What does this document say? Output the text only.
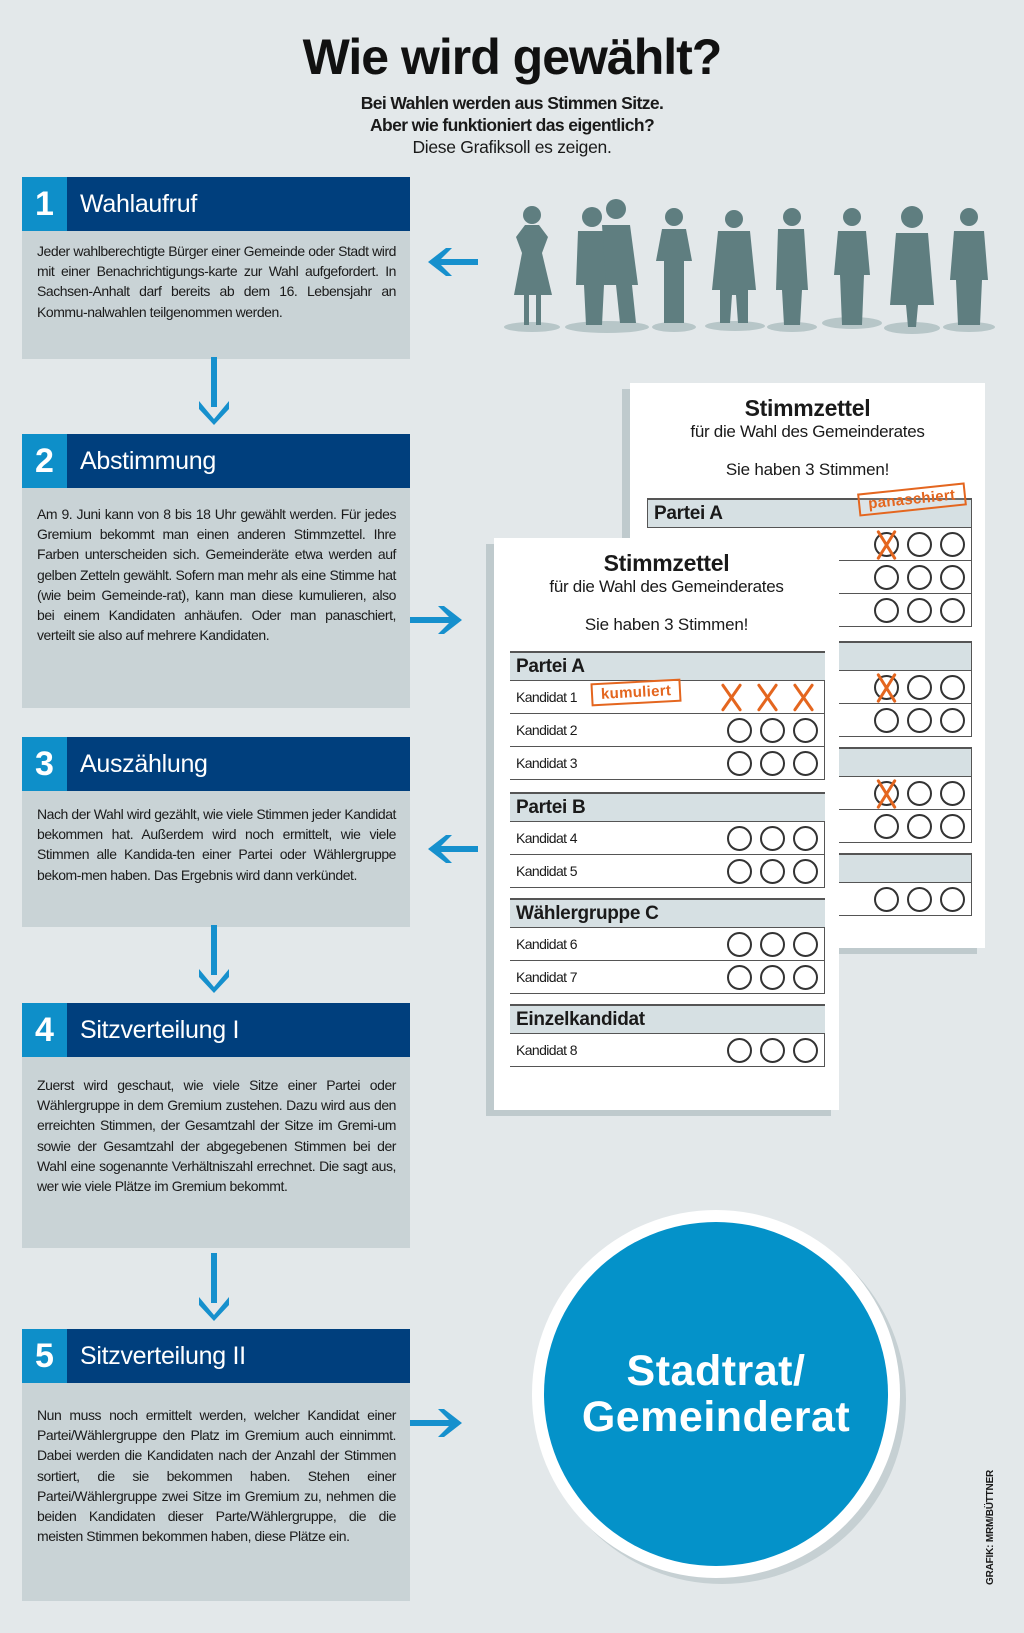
Wie wird gewählt?
Bei Wahlen werden aus Stimmen Sitze.
Aber wie funktioniert das eigentlich?
Diese Grafiksoll es zeigen.
1	Wahlaufruf
Jeder wahlberechtigte Bürger einer Gemeinde oder Stadt wird mit einer Benachrichtigungs-karte zur Wahl aufgefordert. In Sachsen-Anhalt darf bereits ab dem 16. Lebensjahr an Kommu-nalwahlen teilgenommen werden.
2	Abstimmung
Am 9. Juni kann von 8 bis 18 Uhr gewählt werden. Für jedes Gremium bekommt man einen anderen Stimmzettel. Ihre Farben unterscheiden sich. Gemeinderäte etwa werden auf gelben Zetteln gewählt. Sofern man mehr als eine Stimme hat (wie beim Gemeinde-rat), kann man diese kumulieren, also bei einem Kandidaten anhäufen. Oder man panaschiert, verteilt sie also auf mehrere Kandidaten.
3	Auszählung
Nach der Wahl wird gezählt, wie viele Stimmen jeder Kandidat bekommen hat. Außerdem wird noch ermittelt, wie viele Stimmen alle Kandida-ten einer Partei oder Wählergruppe bekom-men haben. Das Ergebnis wird dann verkündet.
4	Sitzverteilung I
Zuerst wird geschaut, wie viele Sitze einer Partei oder Wählergruppe in dem Gremium zustehen. Dazu wird aus den erreichten Stimmen, der Gesamtzahl der Sitze im Gremi-um sowie der Gesamtzahl der abgegebenen Stimmen bei der Wahl eine sogenannte Verhältniszahl errechnet. Die sagt aus, wer wie viele Plätze im Gremium bekommt.
5	Sitzverteilung II
Nun muss noch ermittelt werden, welcher Kandidat einer Partei/Wählergruppe den Platz im Gremium auch einnimmt. Dabei werden die Kandidaten nach der Anzahl der Stimmen sortiert, die sie bekommen haben. Stehen einer Partei/Wählergruppe zwei Sitze im Gremium zu, nehmen die beiden Kandidaten dieser Parte/Wählergruppe, die die meisten Stimmen bekommen haben, diese Plätze ein.
Stimmzettel
für die Wahl des Gemeinderates
Sie haben 3 Stimmen!
Partei A
panaschiert
Stimmzettel
für die Wahl des Gemeinderates
Sie haben 3 Stimmen!
Partei A
Kandidat 1
Kandidat 2
Kandidat 3
Partei B
Kandidat 4
Kandidat 5
Wählergruppe C
Kandidat 6
Kandidat 7
Einzelkandidat
Kandidat 8
kumuliert
Stadtrat/
Gemeinderat
GRAFIK: MRM/BÜTTNER
